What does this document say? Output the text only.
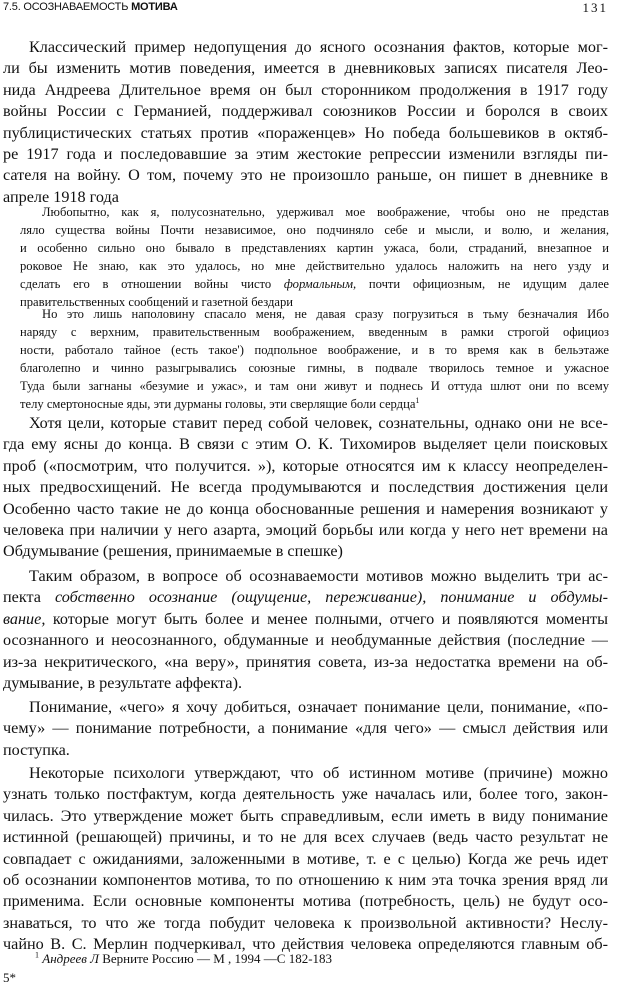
7.5. ОСОЗНАВАЕМОСТЬ МОТИВА	131
Классический пример недопущения до ясного осознания фактов, которые мог-
ли бы изменить мотив поведения, имеется в дневниковых записях писателя Лео-
нида Андреева Длительное время он был сторонником продолжения в 1917 году
войны России с Германией, поддерживал союзников России и боролся в своих
публицистических статьях против «пораженцев» Но победа большевиков в октяб-
ре 1917 года и последовавшие за этим жестокие репрессии изменили взгляды пи-
сателя на войну. О том, почему это не произошло раньше, он пишет в дневнике в
апреле 1918 года
Любопытно, как я, полусознательно, удерживал мое воображение, чтобы оно не представ
ляло существа войны Почти независимое, оно подчиняло себе и мысли, и волю, и желания,
и особенно сильно оно бывало в представлениях картин ужаса, боли, страданий, внезапное и
роковое Не знаю, как это удалось, но мне действительно удалось наложить на него узду и
сделать его в отношении войны чисто формальным, почти официозным, не идущим далее
правительственных сообщений и газетной бездари
Но это лишь наполовину спасало меня, не давая сразу погрузиться в тьму безначалия Ибо
наряду с верхним, правительственным воображением, введенным в рамки строгой официоз
ности, работало тайное (есть такое') подпольное воображение, и в то время как в бельэтаже
благолепно и чинно разыгрывались союзные гимны, в подвале творилось темное и ужасное
Туда были загнаны «безумие и ужас», и там они живут и поднесь И оттуда шлют они по всему
телу смертоносные яды, эти дурманы головы, эти сверлящие боли сердца$^1$
Хотя цели, которые ставит перед собой человек, сознательны, однако они не все-
гда ему ясны до конца. В связи с этим О. К. Тихомиров выделяет цели поисковых
проб («посмотрим, что получится. »), которые относятся им к классу неопределен-
ных предвосхищений. Не всегда продумываются и последствия достижения цели
Особенно часто такие не до конца обоснованные решения и намерения возникают у
человека при наличии у него азарта, эмоций борьбы или когда у него нет времени на
Обдумывание (решения, принимаемые в спешке)
Таким образом, в вопросе об осознаваемости мотивов можно выделить три ас-
пекта собственно осознание (ощущение, переживание), понимание и обдумы-
вание, которые могут быть более и менее полными, отчего и появляются моменты
осознанного и неосознанного, обдуманные и необдуманные действия (последние —
из-за некритического, «на веру», принятия совета, из-за недостатка времени на об-
думывание, в результате аффекта).
Понимание, «чего» я хочу добиться, означает понимание цели, понимание, «по-
чему» — понимание потребности, а понимание «для чего» — смысл действия или
поступка.
Некоторые психологи утверждают, что об истинном мотиве (причине) можно
узнать только постфактум, когда деятельность уже началась или, более того, закон-
чилась. Это утверждение может быть справедливым, если иметь в виду понимание
истинной (решающей) причины, и то не для всех случаев (ведь часто результат не
совпадает с ожиданиями, заложенными в мотиве, т. е с целью) Когда же речь идет
об осознании компонентов мотива, то по отношению к ним эта точка зрения вряд ли
применима. Если основные компоненты мотива (потребность, цель) не будут осо-
знаваться, то что же тогда побудит человека к произвольной активности? Неслу-
чайно В. С. Мерлин подчеркивал, что действия человека определяются главным об-
$^1$ Андреев Л Верните Россию — М , 1994 —С 182-183
5*
